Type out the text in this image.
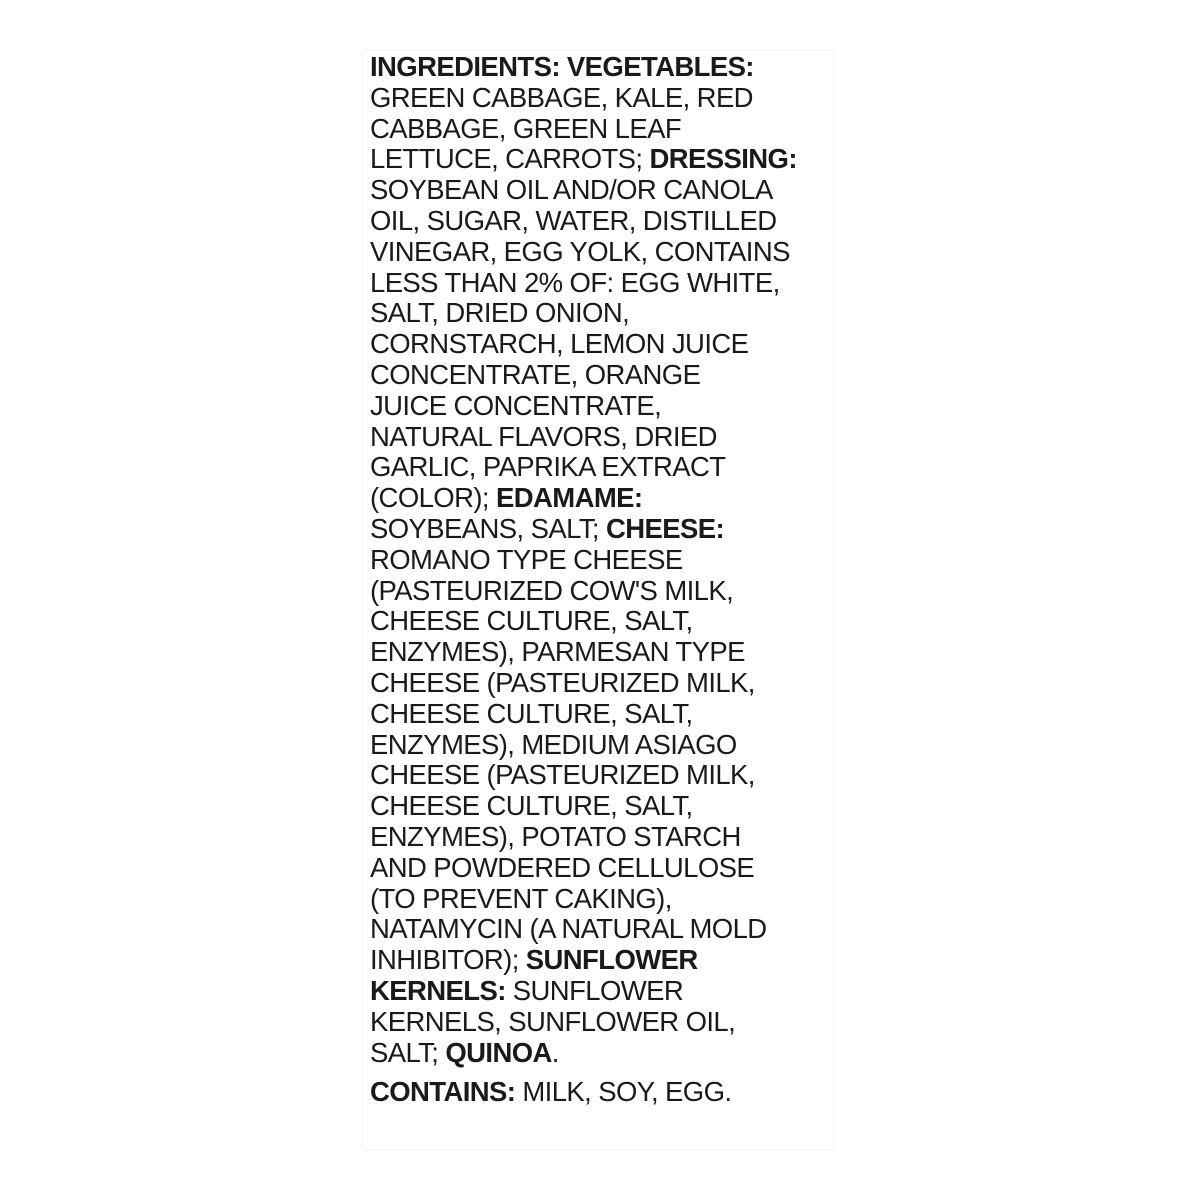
INGREDIENTS: VEGETABLES:
GREEN CABBAGE, KALE, RED
CABBAGE, GREEN LEAF
LETTUCE, CARROTS; DRESSING:
SOYBEAN OIL AND/OR CANOLA
OIL, SUGAR, WATER, DISTILLED
VINEGAR, EGG YOLK, CONTAINS
LESS THAN 2% OF: EGG WHITE,
SALT, DRIED ONION,
CORNSTARCH, LEMON JUICE
CONCENTRATE, ORANGE
JUICE CONCENTRATE,
NATURAL FLAVORS, DRIED
GARLIC, PAPRIKA EXTRACT
(COLOR); EDAMAME:
SOYBEANS, SALT; CHEESE:
ROMANO TYPE CHEESE
(PASTEURIZED COW'S MILK,
CHEESE CULTURE, SALT,
ENZYMES), PARMESAN TYPE
CHEESE (PASTEURIZED MILK,
CHEESE CULTURE, SALT,
ENZYMES), MEDIUM ASIAGO
CHEESE (PASTEURIZED MILK,
CHEESE CULTURE, SALT,
ENZYMES), POTATO STARCH
AND POWDERED CELLULOSE
(TO PREVENT CAKING),
NATAMYCIN (A NATURAL MOLD
INHIBITOR); SUNFLOWER
KERNELS: SUNFLOWER
KERNELS, SUNFLOWER OIL,
SALT; QUINOA.
CONTAINS: MILK, SOY, EGG.
